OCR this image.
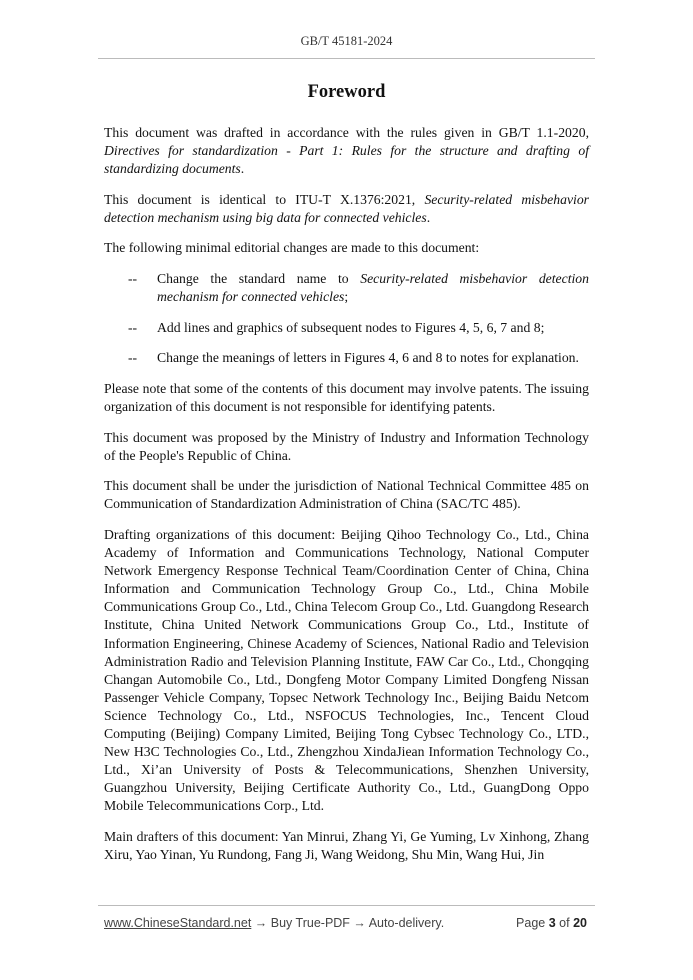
GB/T 45181-2024
Foreword

This document was drafted in accordance with the rules given in GB/T 1.1-2020, Directives for standardization - Part 1: Rules for the structure and drafting of standardizing documents.

This document is identical to ITU-T X.1376:2021, Security-related misbehavior detection mechanism using big data for connected vehicles.

The following minimal editorial changes are made to this document:

--	Change the standard name to Security-related misbehavior detection mechanism for connected vehicles;
--	Add lines and graphics of subsequent nodes to Figures 4, 5, 6, 7 and 8;
--	Change the meanings of letters in Figures 4, 6 and 8 to notes for explanation.

Please note that some of the contents of this document may involve patents. The issuing organization of this document is not responsible for identifying patents.

This document was proposed by the Ministry of Industry and Information Technology of the People's Republic of China.

This document shall be under the jurisdiction of National Technical Committee 485 on Communication of Standardization Administration of China (SAC/TC 485).

Drafting organizations of this document: Beijing Qihoo Technology Co., Ltd., China Academy of Information and Communications Technology, National Computer Network Emergency Response Technical Team/Coordination Center of China, China Information and Communication Technology Group Co., Ltd., China Mobile Communications Group Co., Ltd., China Telecom Group Co., Ltd. Guangdong Research Institute, China United Network Communications Group Co., Ltd., Institute of Information Engineering, Chinese Academy of Sciences, National Radio and Television Administration Radio and Television Planning Institute, FAW Car Co., Ltd., Chongqing Changan Automobile Co., Ltd., Dongfeng Motor Company Limited Dongfeng Nissan Passenger Vehicle Company, Topsec Network Technology Inc., Beijing Baidu Netcom Science Technology Co., Ltd., NSFOCUS Technologies, Inc., Tencent Cloud Computing (Beijing) Company Limited, Beijing Tong Cybsec Technology Co., LTD., New H3C Technologies Co., Ltd., Zhengzhou XindaJiean Information Technology Co., Ltd., Xi’an University of Posts & Telecommunications, Shenzhen University, Guangzhou University, Beijing Certificate Authority Co., Ltd., GuangDong Oppo Mobile Telecommunications Corp., Ltd.

Main drafters of this document: Yan Minrui, Zhang Yi, Ge Yuming, Lv Xinhong, Zhang Xiru, Yao Yinan, Yu Rundong, Fang Ji, Wang Weidong, Shu Min, Wang Hui, Jin

www.ChineseStandard.net → Buy True-PDF → Auto-delivery.	Page 3 of 20
